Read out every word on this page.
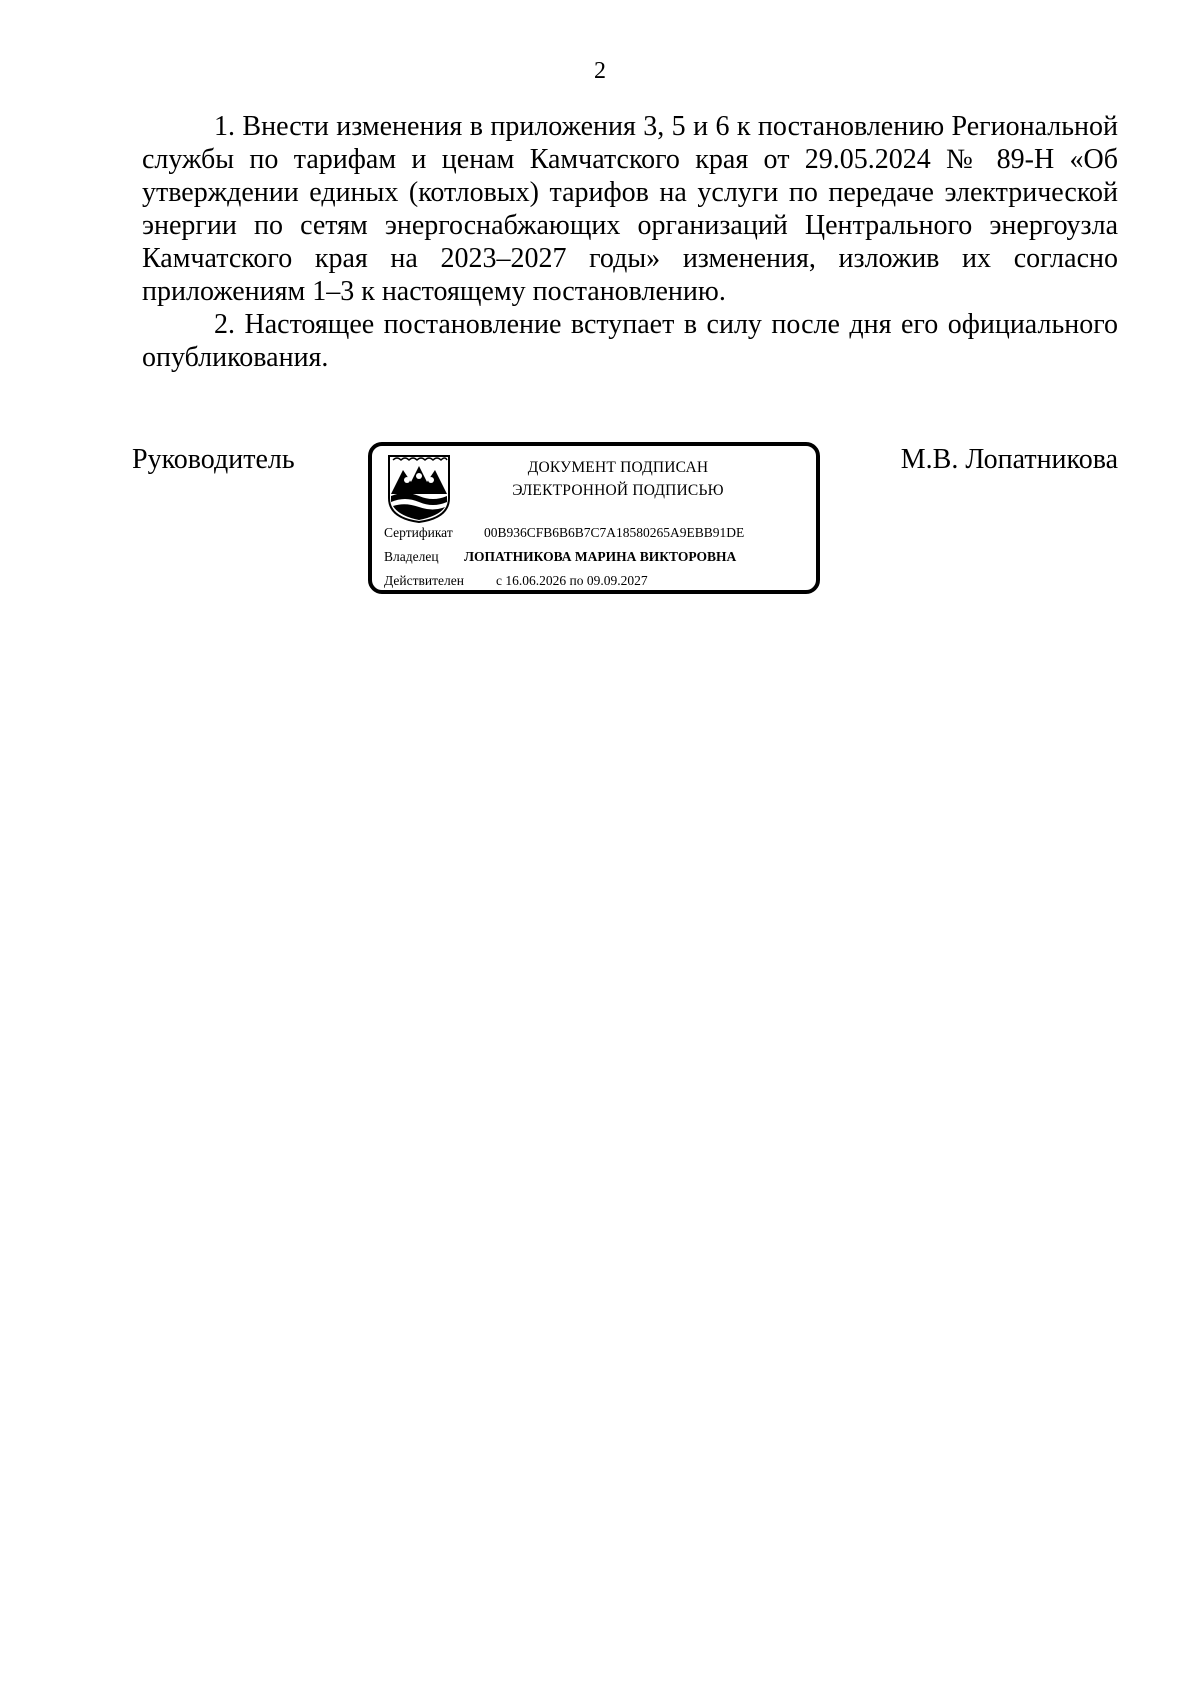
2

1. Внести изменения в приложения 3, 5 и 6 к постановлению Региональной службы по тарифам и ценам Камчатского края от 29.05.2024 № 89-Н «Об утверждении единых (котловых) тарифов на услуги по передаче электрической энергии по сетям энергоснабжающих организаций Центрального энергоузла Камчатского края на 2023–2027 годы» изменения, изложив их согласно приложениям 1–3 к настоящему постановлению.

2. Настоящее постановление вступает в силу после дня его официального опубликования.

Руководитель	ДОКУМЕНТ ПОДПИСАН
ЭЛЕКТРОННОЙ ПОДПИСЬЮ
Сертификат 00B936CFB6B6B7C7A18580265A9EBB91DE
Владелец ЛОПАТНИКОВА МАРИНА ВИКТОРОВНА
Действителен с 16.06.2026 по 09.09.2027
М.В. Лопатникова
